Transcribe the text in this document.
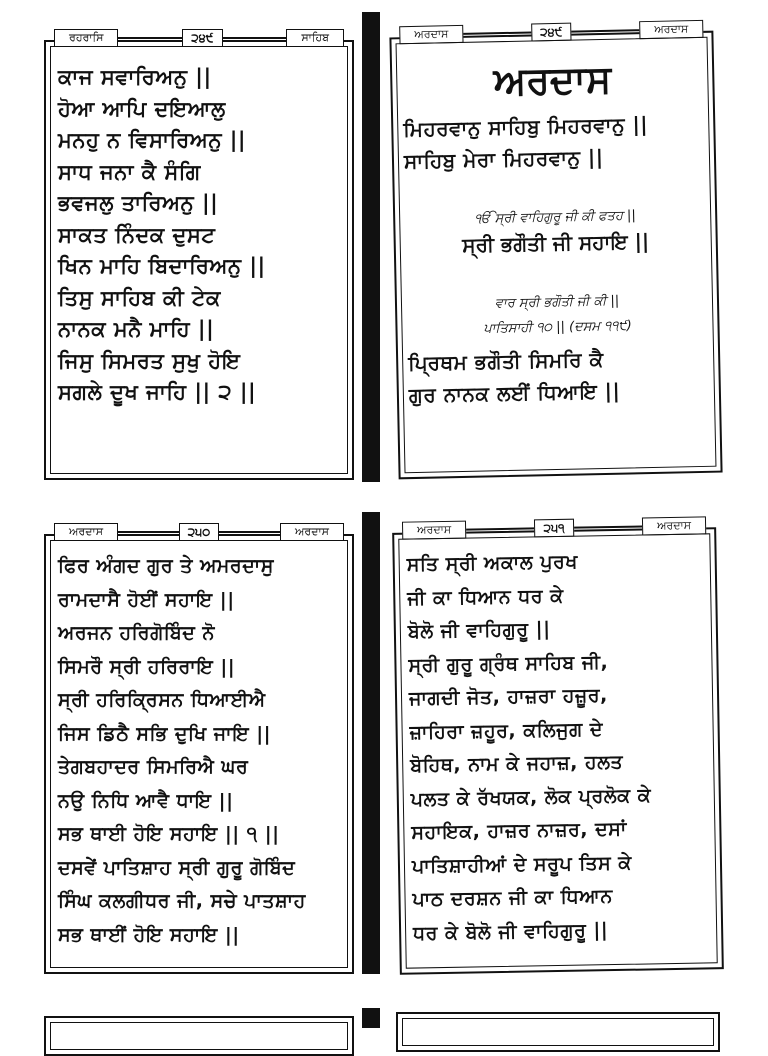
ਰਹਰਾਸਿ	੨੪੯	ਸਾਹਿਬ
ਕਾਜ ਸਵਾਰਿਅਨੁ ||
ਹੋਆ ਆਪਿ ਦਇਆਲੁ
ਮਨਹੁ ਨ ਵਿਸਾਰਿਅਨੁ ||
ਸਾਧ ਜਨਾ ਕੈ ਸੰਗਿ
ਭਵਜਲੁ ਤਾਰਿਅਨੁ ||
ਸਾਕਤ ਨਿੰਦਕ ਦੁਸਟ
ਖਿਨ ਮਾਹਿ ਬਿਦਾਰਿਅਨੁ ||
ਤਿਸੁ ਸਾਹਿਬ ਕੀ ਟੇਕ
ਨਾਨਕ ਮਨੈ ਮਾਹਿ ||
ਜਿਸੁ ਸਿਮਰਤ ਸੁਖੁ ਹੋਇ
ਸਗਲੇ ਦੂਖ ਜਾਹਿ || ੨ ||
ਅਰਦਾਸ	੨੪੯	ਅਰਦਾਸ
ਅਰਦਾਸ
ਮਿਹਰਵਾਨੁ ਸਾਹਿਬੁ ਮਿਹਰਵਾਨੁ ||
ਸਾਹਿਬੁ ਮੇਰਾ ਮਿਹਰਵਾਨੁ ||
ੴ ਸ੍ਰੀ ਵਾਹਿਗੁਰੂ ਜੀ ਕੀ ਫਤਹ ||
ਸ੍ਰੀ ਭਗੌਤੀ ਜੀ ਸਹਾਇ ||
ਵਾਰ ਸ੍ਰੀ ਭਗੌਤੀ ਜੀ ਕੀ ||
ਪਾਤਿਸਾਹੀ ੧੦ || (ਦਸਮ ੧੧੯)
ਪ੍ਰਿਥਮ ਭਗੌਤੀ ਸਿਮਰਿ ਕੈ
ਗੁਰ ਨਾਨਕ ਲਈਂ ਧਿਆਇ ||
ਅਰਦਾਸ	੨੫੦	ਅਰਦਾਸ
ਫਿਰ ਅੰਗਦ ਗੁਰ ਤੇ ਅਮਰਦਾਸੁ
ਰਾਮਦਾਸੈ ਹੋਈਂ ਸਹਾਇ ||
ਅਰਜਨ ਹਰਿਗੋਬਿੰਦ ਨੋ
ਸਿਮਰੌ ਸ੍ਰੀ ਹਰਿਰਾਇ ||
ਸ੍ਰੀ ਹਰਿਕ੍ਰਿਸਨ ਧਿਆਈਐ
ਜਿਸ ਡਿਠੈ ਸਭਿ ਦੁਖਿ ਜਾਇ ||
ਤੇਗਬਹਾਦਰ ਸਿਮਰਿਐ ਘਰ
ਨਉ ਨਿਧਿ ਆਵੈ ਧਾਇ ||
ਸਭ ਥਾਈ ਹੋਇ ਸਹਾਇ || ੧ ||
ਦਸਵੇਂ ਪਾਤਿਸ਼ਾਹ ਸ੍ਰੀ ਗੁਰੂ ਗੋਬਿੰਦ
ਸਿੰਘ ਕਲਗੀਧਰ ਜੀ, ਸਚੇ ਪਾਤਸ਼ਾਹ
ਸਭ ਥਾਈਂ ਹੋਇ ਸਹਾਇ ||
ਅਰਦਾਸ	੨੫੧	ਅਰਦਾਸ
ਸਤਿ ਸ੍ਰੀ ਅਕਾਲ ਪੁਰਖ
ਜੀ ਕਾ ਧਿਆਨ ਧਰ ਕੇ
ਬੋਲੋ ਜੀ ਵਾਹਿਗੁਰੂ ||
ਸ੍ਰੀ ਗੁਰੂ ਗ੍ਰੰਥ ਸਾਹਿਬ ਜੀ,
ਜਾਗਦੀ ਜੋਤ, ਹਾਜ਼ਰਾ ਹਜ਼ੂਰ,
ਜ਼ਾਹਿਰਾ ਜ਼ਹੂਰ, ਕਲਿਜੁਗ ਦੇ
ਬੋਹਿਥ, ਨਾਮ ਕੇ ਜਹਾਜ਼, ਹਲਤ
ਪਲਤ ਕੇ ਰੱਖਯਕ, ਲੋਕ ਪ੍ਰਲੋਕ ਕੇ
ਸਹਾਇਕ, ਹਾਜ਼ਰ ਨਾਜ਼ਰ, ਦਸਾਂ
ਪਾਤਿਸ਼ਾਹੀਆਂ ਦੇ ਸਰੂਪ ਤਿਸ ਕੇ
ਪਾਠ ਦਰਸ਼ਨ ਜੀ ਕਾ ਧਿਆਨ
ਧਰ ਕੇ ਬੋਲੋ ਜੀ ਵਾਹਿਗੁਰੂ ||
